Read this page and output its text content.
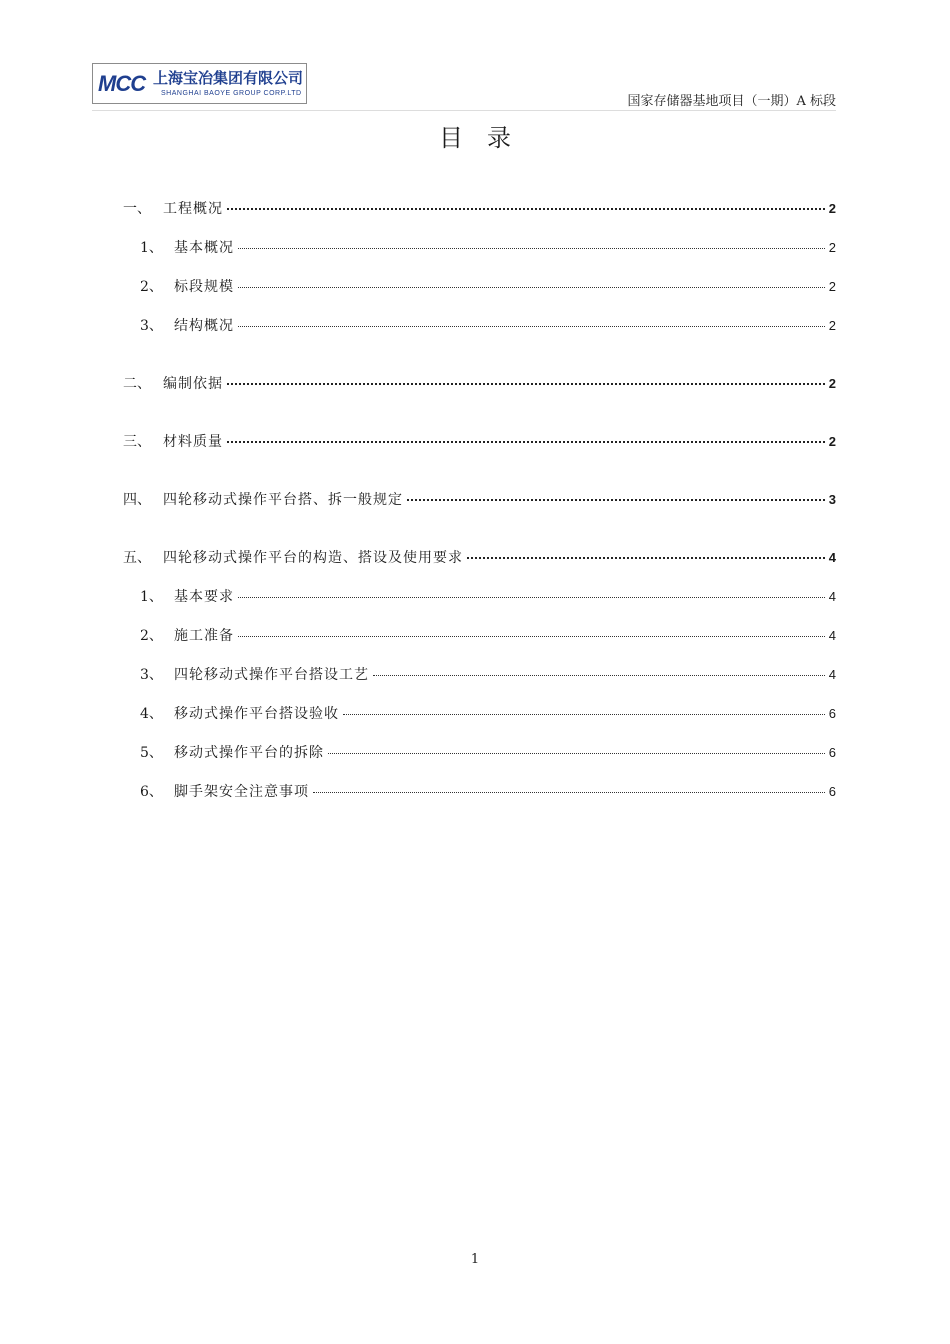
MCC 上海宝冶集团有限公司
SHANGHAI BAOYE GROUP CORP.LTD
国家存储器基地项目（一期）A 标段
目录
一、 工程概况	2
1、 基本概况	2
2、 标段规模	2
3、 结构概况	2
二、 编制依据	2
三、 材料质量	2
四、 四轮移动式操作平台搭、拆一般规定	3
五、 四轮移动式操作平台的构造、搭设及使用要求	4
1、 基本要求	4
2、 施工准备	4
3、 四轮移动式操作平台搭设工艺	4
4、 移动式操作平台搭设验收	6
5、 移动式操作平台的拆除	6
6、 脚手架安全注意事项	6
1
